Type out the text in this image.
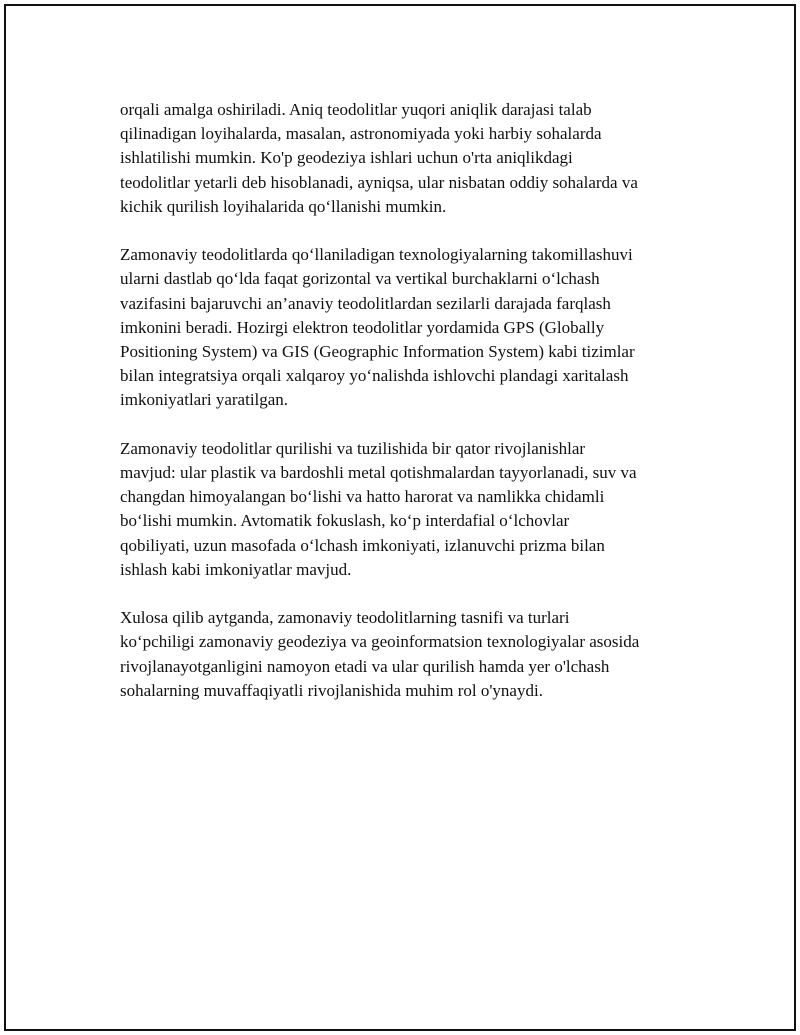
orqali amalga oshiriladi. Aniq teodolitlar yuqori aniqlik darajasi talab
qilinadigan loyihalarda, masalan, astronomiyada yoki harbiy sohalarda
ishlatilishi mumkin. Ko'p geodeziya ishlari uchun o'rta aniqlikdagi
teodolitlar yetarli deb hisoblanadi, ayniqsa, ular nisbatan oddiy sohalarda va
kichik qurilish loyihalarida qo‘llanishi mumkin.

Zamonaviy teodolitlarda qo‘llaniladigan texnologiyalarning takomillashuvi
ularni dastlab qo‘lda faqat gorizontal va vertikal burchaklarni o‘lchash
vazifasini bajaruvchi an’anaviy teodolitlardan sezilarli darajada farqlash
imkonini beradi. Hozirgi elektron teodolitlar yordamida GPS (Globally
Positioning System) va GIS (Geographic Information System) kabi tizimlar
bilan integratsiya orqali xalqaroy yo‘nalishda ishlovchi plandagi xaritalash
imkoniyatlari yaratilgan.

Zamonaviy teodolitlar qurilishi va tuzilishida bir qator rivojlanishlar
mavjud: ular plastik va bardoshli metal qotishmalardan tayyorlanadi, suv va
changdan himoyalangan bo‘lishi va hatto harorat va namlikka chidamli
bo‘lishi mumkin. Avtomatik fokuslash, ko‘p interdafial o‘lchovlar
qobiliyati, uzun masofada o‘lchash imkoniyati, izlanuvchi prizma bilan
ishlash kabi imkoniyatlar mavjud.

Xulosa qilib aytganda, zamonaviy teodolitlarning tasnifi va turlari
ko‘pchiligi zamonaviy geodeziya va geoinformatsion texnologiyalar asosida
rivojlanayotganligini namoyon etadi va ular qurilish hamda yer o'lchash
sohalarning muvaffaqiyatli rivojlanishida muhim rol o'ynaydi.
